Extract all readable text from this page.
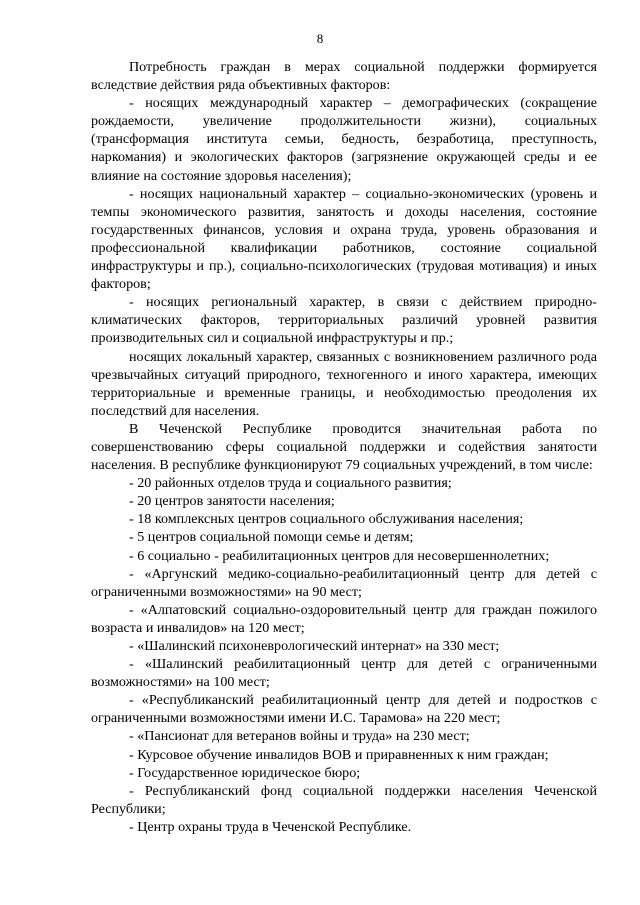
8

Потребность граждан в мерах социальной поддержки формируется вследствие действия ряда объективных факторов:

- носящих международный характер – демографических (сокращение рождаемости, увеличение продолжительности жизни), социальных (трансформация института семьи, бедность, безработица, преступность, наркомания) и экологических факторов (загрязнение окружающей среды и ее влияние на состояние здоровья населения);
- носящих национальный характер – социально-экономических (уровень и темпы экономического развития, занятость и доходы населения, состояние государственных финансов, условия и охрана труда, уровень образования и профессиональной квалификации работников, состояние социальной инфраструктуры и пр.), социально-психологических (трудовая мотивация) и иных факторов;
- носящих региональный характер, в связи с действием природно-климатических факторов, территориальных различий уровней развития производительных сил и социальной инфраструктуры и пр.;
носящих локальный характер, связанных с возникновением различного рода чрезвычайных ситуаций природного, техногенного и иного характера, имеющих территориальные и временные границы, и необходимостью преодоления их последствий для населения.

В Чеченской Республике проводится значительная работа по совершенствованию сферы социальной поддержки и содействия занятости населения. В республике функционируют 79 социальных учреждений, в том числе:

- 20 районных отделов труда и социального развития;
- 20 центров занятости населения;
- 18 комплексных центров социального обслуживания населения;
- 5 центров социальной помощи семье и детям;
- 6 социально - реабилитационных центров для несовершеннолетних;
- «Аргунский медико-социально-реабилитационный центр для детей с ограниченными возможностями» на 90 мест;
- «Алпатовский социально-оздоровительный центр для граждан пожилого возраста и инвалидов» на 120 мест;
- «Шалинский психоневрологический интернат» на 330 мест;
- «Шалинский реабилитационный центр для детей с ограниченными возможностями» на 100 мест;
- «Республиканский реабилитационный центр для детей и подростков с ограниченными возможностями имени И.С. Тарамова» на 220 мест;
- «Пансионат для ветеранов войны и труда» на 230 мест;
- Курсовое обучение инвалидов ВОВ и приравненных к ним граждан;
- Государственное юридическое бюро;
- Республиканский фонд социальной поддержки населения Чеченской Республики;
- Центр охраны труда в Чеченской Республике.
